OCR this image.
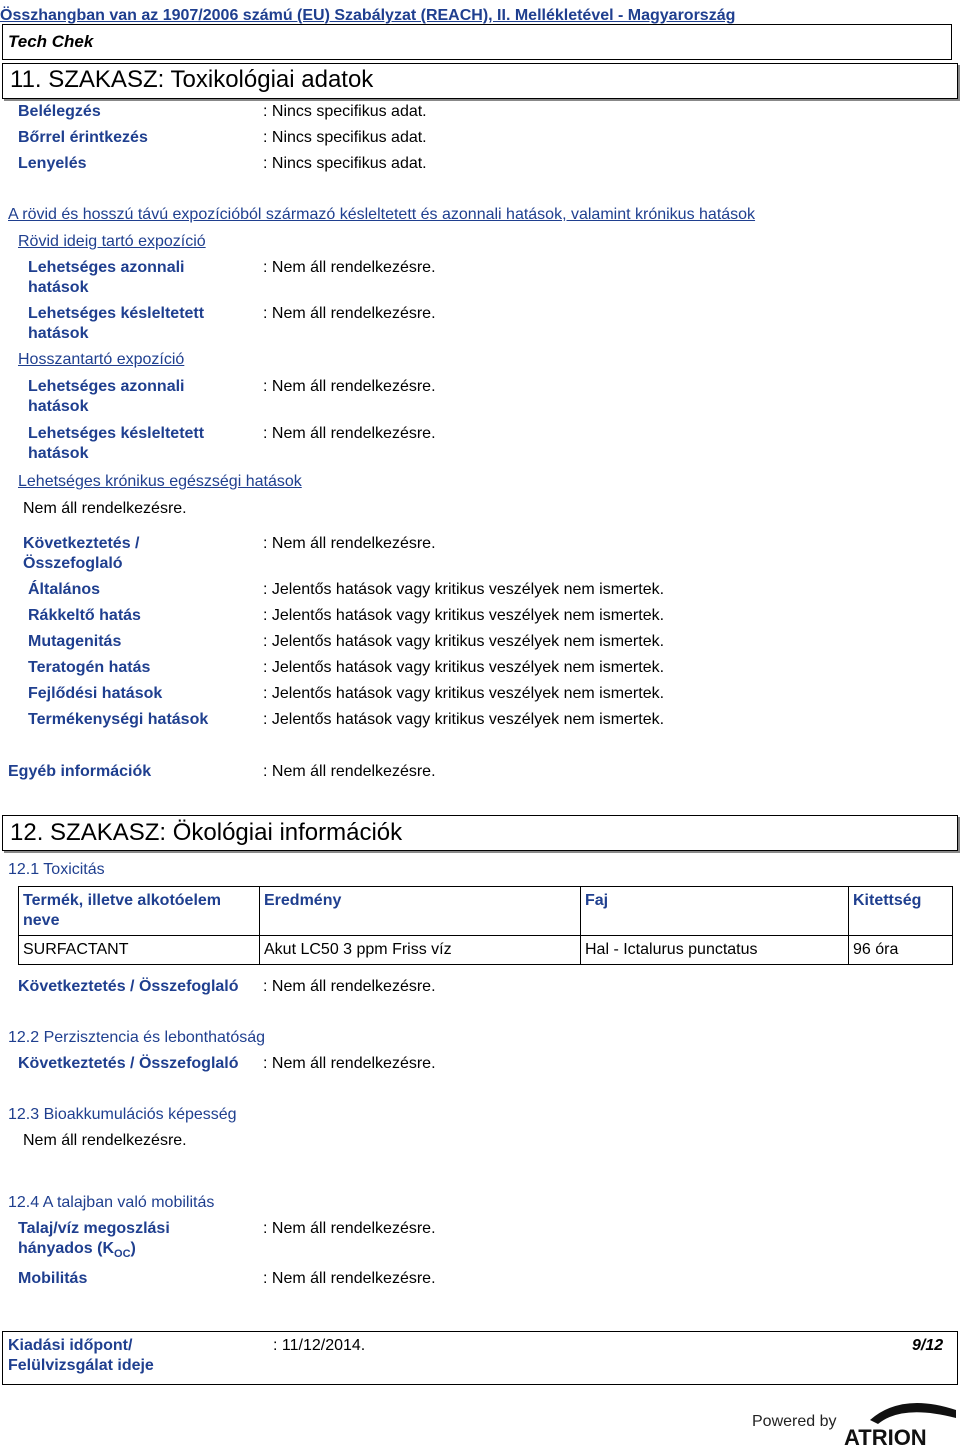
Összhangban van az 1907/2006 számú (EU) Szabályzat (REACH), II. Mellékletével - Magyarország
Tech Chek
11. SZAKASZ: Toxikológiai adatok
Belélegzés	: Nincs specifikus adat.
Bőrrel érintkezés	: Nincs specifikus adat.
Lenyelés	: Nincs specifikus adat.
A rövid és hosszú távú expozícióból származó késleltetett és azonnali hatások, valamint krónikus hatások
Rövid ideig tartó expozíció
Lehetséges azonnali hatások
: Nem áll rendelkezésre.
Lehetséges késleltetett hatások
: Nem áll rendelkezésre.
Hosszantartó expozíció
Lehetséges azonnali hatások
: Nem áll rendelkezésre.
Lehetséges késleltetett hatások
: Nem áll rendelkezésre.
Lehetséges krónikus egészségi hatások
Nem áll rendelkezésre.
Következtetés / Összefoglaló
: Nem áll rendelkezésre.
Általános	: Jelentős hatások vagy kritikus veszélyek nem ismertek.
Rákkeltő hatás	: Jelentős hatások vagy kritikus veszélyek nem ismertek.
Mutagenitás	: Jelentős hatások vagy kritikus veszélyek nem ismertek.
Teratogén hatás	: Jelentős hatások vagy kritikus veszélyek nem ismertek.
Fejlődési hatások	: Jelentős hatások vagy kritikus veszélyek nem ismertek.
Termékenységi hatások	: Jelentős hatások vagy kritikus veszélyek nem ismertek.
Egyéb információk	: Nem áll rendelkezésre.
12. SZAKASZ: Ökológiai információk
12.1 Toxicitás
Termék, illetve alkotóelem neve	Eredmény	Faj	Kitettség
SURFACTANT	Akut LC50 3 ppm Friss víz	Hal - Ictalurus punctatus	96 óra
Következtetés / Összefoglaló : Nem áll rendelkezésre.
12.2 Perzisztencia és lebonthatóság
Következtetés / Összefoglaló : Nem áll rendelkezésre.
12.3 Bioakkumulációs képesség
Nem áll rendelkezésre.
12.4 A talajban való mobilitás
Talaj/víz megoszlási hányados $(K_{OC})$
: Nem áll rendelkezésre.
Mobilitás	: Nem áll rendelkezésre.
Kiadási időpont/ Felülvizsgálat ideje
: 11/12/2014.	9/12
Powered by
ATRION
